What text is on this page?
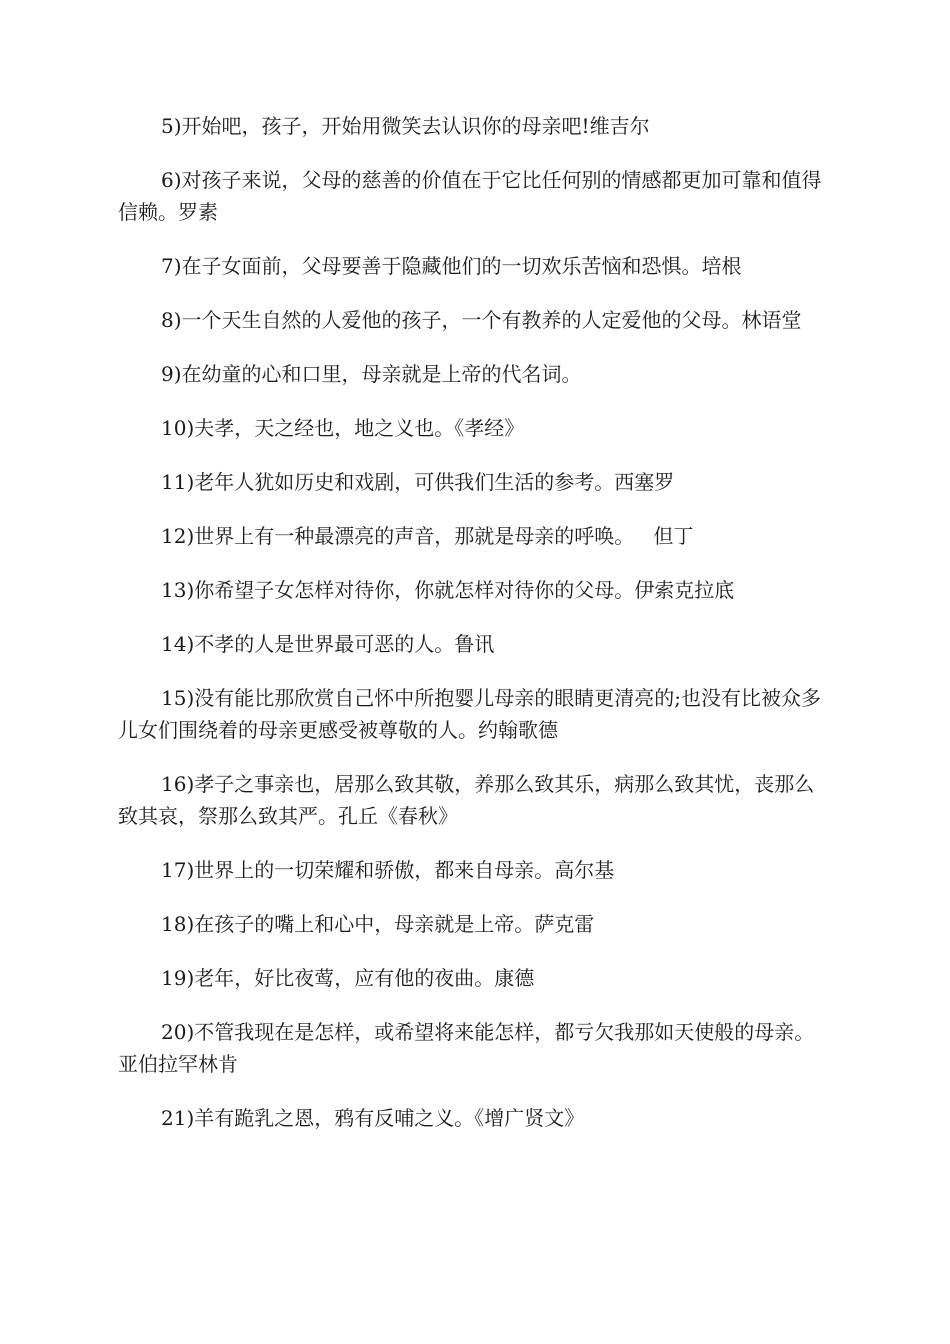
5)开始吧，孩子，开始用微笑去认识你的母亲吧!维吉尔

6)对孩子来说，父母的慈善的价值在于它比任何别的情感都更加可靠和值得信赖。罗素

7)在子女面前，父母要善于隐藏他们的一切欢乐苦恼和恐惧。培根

8)一个天生自然的人爱他的孩子，一个有教养的人定爱他的父母。林语堂

9)在幼童的心和口里，母亲就是上帝的代名词。

10)夫孝，天之经也，地之义也。《孝经》

11)老年人犹如历史和戏剧，可供我们生活的参考。西塞罗

12)世界上有一种最漂亮的声音，那就是母亲的呼唤。   但丁

13)你希望子女怎样对待你，你就怎样对待你的父母。伊索克拉底

14)不孝的人是世界最可恶的人。鲁讯

15)没有能比那欣赏自己怀中所抱婴儿母亲的眼睛更清亮的;也没有比被众多儿女们围绕着的母亲更感受被尊敬的人。约翰歌德

16)孝子之事亲也，居那么致其敬，养那么致其乐，病那么致其忧，丧那么致其哀，祭那么致其严。孔丘《春秋》

17)世界上的一切荣耀和骄傲，都来自母亲。高尔基

18)在孩子的嘴上和心中，母亲就是上帝。萨克雷

19)老年，好比夜莺，应有他的夜曲。康德

20)不管我现在是怎样，或希望将来能怎样，都亏欠我那如天使般的母亲。亚伯拉罕林肯

21)羊有跪乳之恩，鸦有反哺之义。《增广贤文》
